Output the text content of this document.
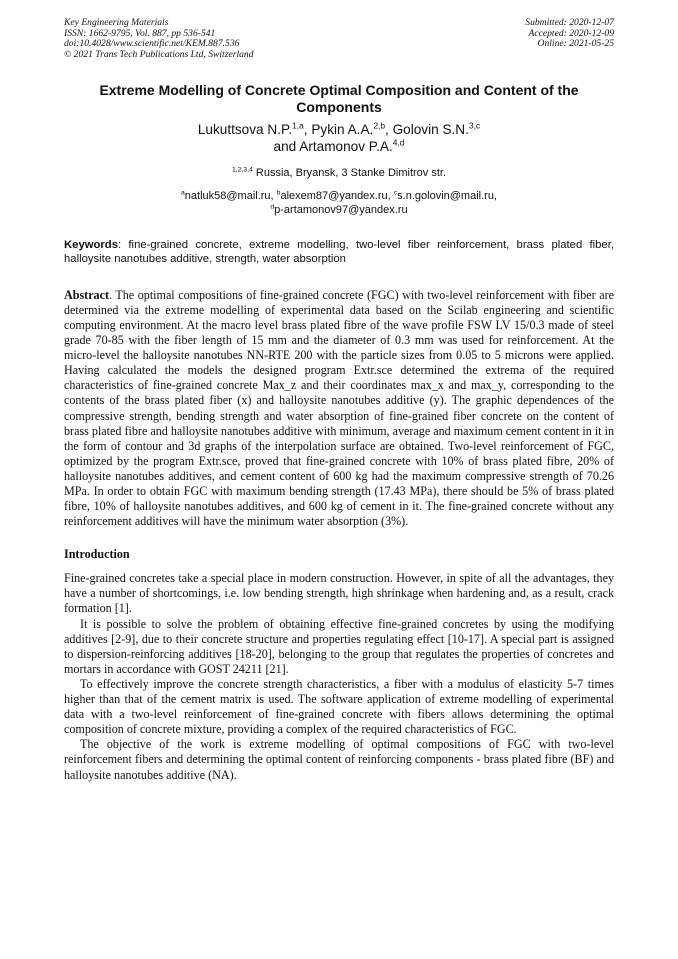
Key Engineering Materials
ISSN: 1662-9795, Vol. 887, pp 536-541
doi:10.4028/www.scientific.net/KEM.887.536
© 2021 Trans Tech Publications Ltd, Switzerland
Submitted: 2020-12-07
Accepted: 2020-12-09
Online: 2021-05-25
Extreme Modelling of Concrete Optimal Composition and Content of the Components
Lukuttsova N.P.$^{1,a}$, Pykin A.A.$^{2,b}$, Golovin S.N.$^{3,c}$
and Artamonov P.A.$^{4,d}$
$^{1,2,3,4}$ Russia, Bryansk, 3 Stanke Dimitrov str.
$^a$natluk58@mail.ru, $^b$alexem87@yandex.ru, $^c$s.n.golovin@mail.ru,
$^d$p-artamonov97@yandex.ru
Keywords: fine-grained concrete, extreme modelling, two-level fiber reinforcement, brass plated fiber, halloysite nanotubes additive, strength, water absorption
Abstract. The optimal compositions of fine-grained concrete (FGC) with two-level reinforcement with fiber are determined via the extreme modelling of experimental data based on the Scilab engineering and scientific computing environment. At the macro level brass plated fibre of the wave profile FSW LV 15/0.3 made of steel grade 70-85 with the fiber length of 15 mm and the diameter of 0.3 mm was used for reinforcement. At the micro-level the halloysite nanotubes NN-RTE 200 with the particle sizes from 0.05 to 5 microns were applied. Having calculated the models the designed program Extr.sce determined the extrema of the required characteristics of fine-grained concrete Max_z and their coordinates max_x and max_y, corresponding to the contents of the brass plated fiber (x) and halloysite nanotubes additive (y). The graphic dependences of the compressive strength, bending strength and water absorption of fine-grained fiber concrete on the content of brass plated fibre and halloysite nanotubes additive with minimum, average and maximum cement content in it in the form of contour and 3d graphs of the interpolation surface are obtained. Two-level reinforcement of FGC, optimized by the program Extr.sce, proved that fine-grained concrete with 10% of brass plated fibre, 20% of halloysite nanotubes additives, and cement content of 600 kg had the maximum compressive strength of 70.26 MPa. In order to obtain FGC with maximum bending strength (17.43 MPa), there should be 5% of brass plated fibre, 10% of halloysite nanotubes additives, and 600 kg of cement in it. The fine-grained concrete without any reinforcement additives will have the minimum water absorption (3%).
Introduction

Fine-grained concretes take a special place in modern construction. However, in spite of all the advantages, they have a number of shortcomings, i.e. low bending strength, high shrinkage when hardening and, as a result, crack formation [1].

It is possible to solve the problem of obtaining effective fine-grained concretes by using the modifying additives [2-9], due to their concrete structure and properties regulating effect [10-17]. A special part is assigned to dispersion-reinforcing additives [18-20], belonging to the group that regulates the properties of concretes and mortars in accordance with GOST 24211 [21].

To effectively improve the concrete strength characteristics, a fiber with a modulus of elasticity 5-7 times higher than that of the cement matrix is used. The software application of extreme modelling of experimental data with a two-level reinforcement of fine-grained concrete with fibers allows determining the optimal composition of concrete mixture, providing a complex of the required characteristics of FGC.

The objective of the work is extreme modelling of optimal compositions of FGC with two-level reinforcement fibers and determining the optimal content of reinforcing components - brass plated fibre (BF) and halloysite nanotubes additive (NA).
